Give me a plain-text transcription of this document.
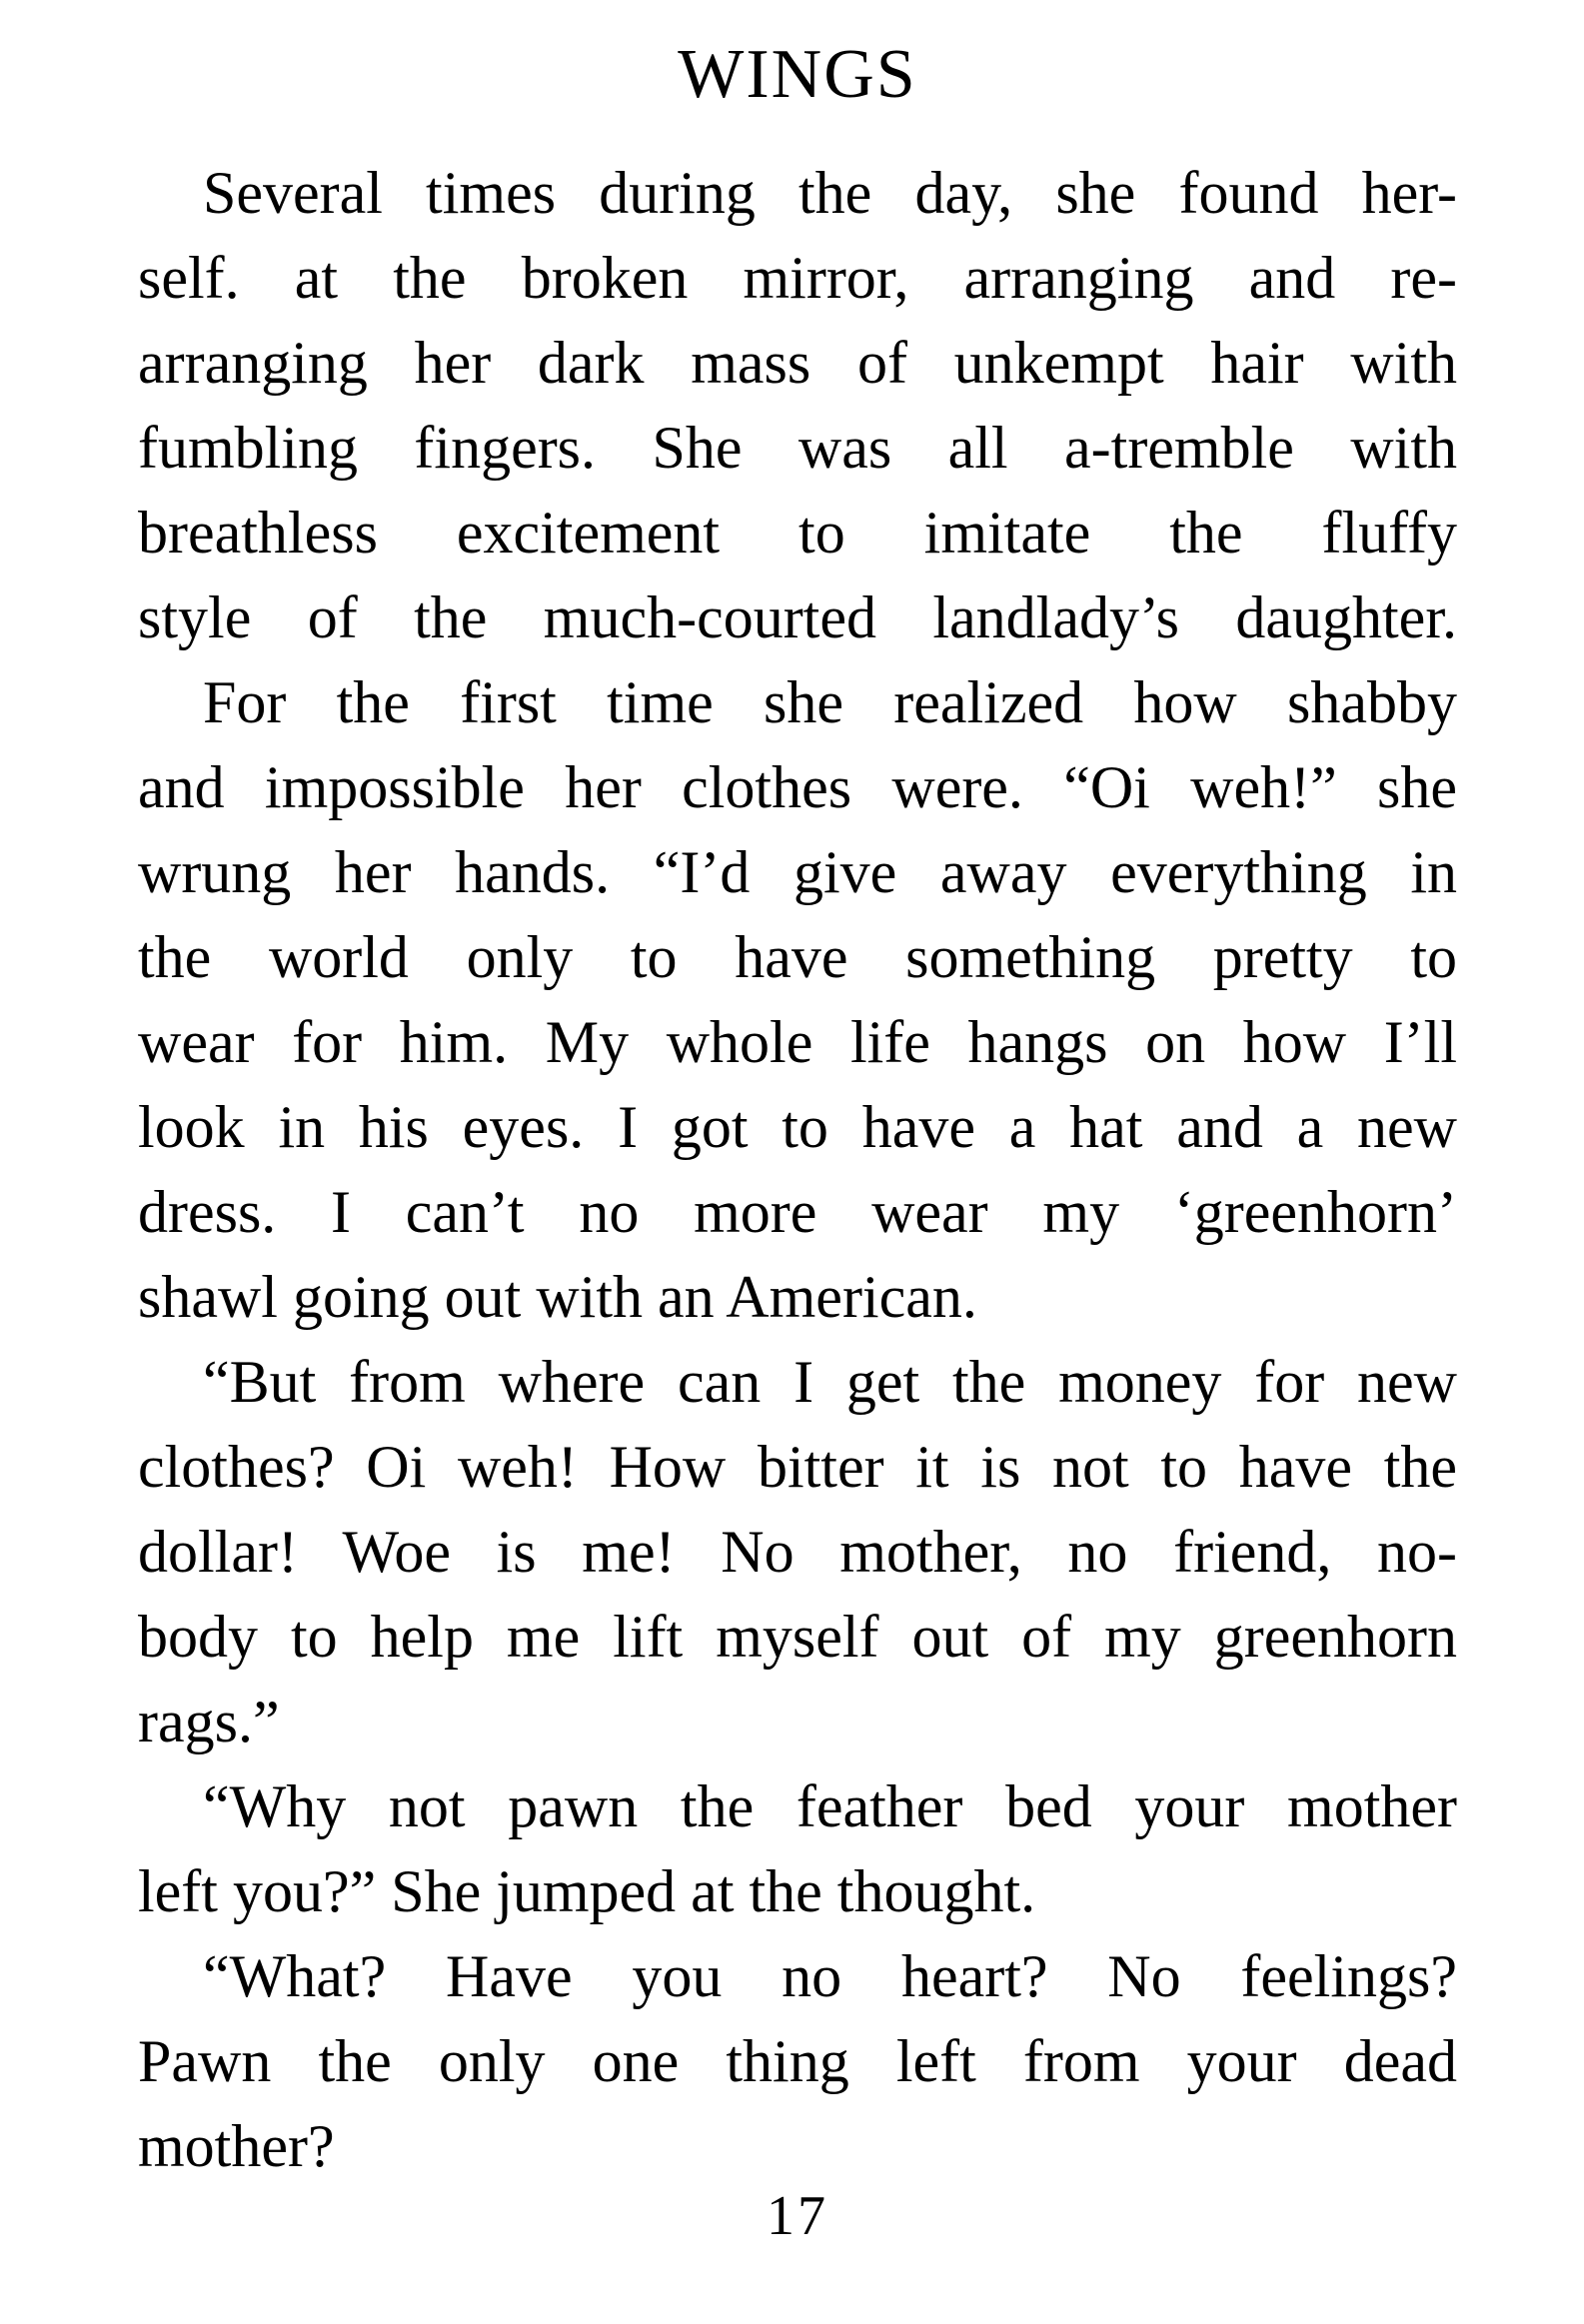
WINGS
Several times during the day, she found her-
self. at the broken mirror, arranging and re-
arranging her dark mass of unkempt hair with
fumbling fingers. She was all a-tremble with
breathless excitement to imitate the fluffy
style of the much-courted landlady’s daughter.
For the first time she realized how shabby
and impossible her clothes were. “Oi weh!” she
wrung her hands. “I’d give away everything in
the world only to have something pretty to
wear for him. My whole life hangs on how I’ll
look in his eyes. I got to have a hat and a new
dress. I can’t no more wear my ‘greenhorn’
shawl going out with an American.
“But from where can I get the money for new
clothes? Oi weh! How bitter it is not to have the
dollar! Woe is me! No mother, no friend, no-
body to help me lift myself out of my greenhorn
rags.”
“Why not pawn the feather bed your mother
left you?” She jumped at the thought.
“What? Have you no heart? No feelings?
Pawn the only one thing left from your dead
mother?
17
